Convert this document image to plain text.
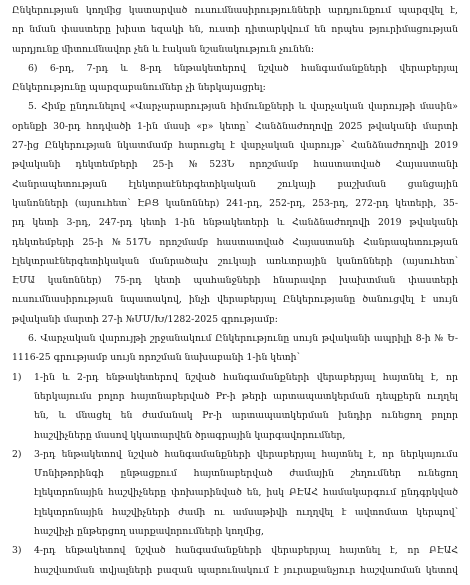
Ընկերության կողմից կատարված ուսումնասիրությունների արդյունքում պարզվել է,
որ նման փաստերը խիստ եզակի են, ուստի դիտարկվում են որպես թյուրիմացության
արդյունք միտումնավոր չեն և էական նշանակություն չունեն:
6) 6-րդ, 7-րդ և 8-րդ ենթակետերով նշված հանգամանքների վերաբերյալ
Ընկերությունը պարզաբանումներ չի ներկայացրել:
5. Հիմք ընդունելով «Վարչարարության հիմունքների և վարչական վարույթի մասին»
օրենքի 30-րդ հոդվածի 1-ին մասի «բ» կետը՝ Հանձնաժողովը 2025 թվականի մարտի
27-ից Ընկերության նկատմամբ հարուցել է վարչական վարույթ՝ Հանձնաժողովի 2019
թվականի դեկտեմբերի 25-ի №523Ն որոշմամբ հաստատված Հայաստանի
Հանրապետության էլեկտրաէներգետիկական շուկայի բաշխման ցանցային
կանոնների (այսուհետ՝ ԷԲՑ կանոններ) 241-րդ, 252-րդ, 253-րդ, 272-րդ կետերի, 35-
րդ կետի 3-րդ, 247-րդ կետի 1-ին ենթակետերի և Հանձնաժողովի 2019 թվականի
դեկտեմբերի 25-ի №517Ն որոշմամբ հաստատված Հայաստանի Հանրապետության
էլեկտրաէներգետիկական մանրածախ շուկայի առևտրային կանոնների (այսուհետ՝
ԷՄԱ կանոններ) 75-րդ կետի պահանջների հնարավոր խախտման փաստերի
ուսումնասիրության նպատակով, ինչի վերաբերյալ Ընկերությանը ծանուցվել է սույն
թվականի մարտի 27-ի №ՄՄ/Խ/1282-2025 գրությամբ:
6. Վարչական վարույթի շրջանակում Ընկերությունը սույն թվականի ապրիլի 8-ի № Ե-
1116-25 գրությամբ սույն որոշման նախաբանի 1-ին կետի՝
1)	1-ին և 2-րդ ենթակետերով նշված հանգամանքների վերաբերյալ հայտնել է, որ
ներկայումս բոլոր հայտնաբերված Pr-ի թերի արտապատկերման դեպքերն ուղղել
են, և մնացել են ժամանակ Pr-ի արտապատկերման խնդիր ունեցող բոլոր
հաշվիչները մասով կկատարվեն ծրագրային կարգավորումներ,
2)	3-րդ ենթակետով նշված հանգամանքների վերաբերյալ հայտնել է, որ ներկայումս
Մոնիթորինգի ընթացքում հայտնաբերված ժամային շեղումներ ունեցող
էլեկտրոնային հաշվիչները փոխարինված են, իսկ ԲԷԱՀ համակարգում ընդգրկված
էլեկտրոնային հաշվիչների ժամի ու ամսաթիվի ուղղվել է ավտոմատ կերպով՝
հաշվիչի ընթերցող սարքավորումների կողմից,
3)	4-րդ ենթակետով նշված հանգամանքների վերաբերյալ հայտնել է, որ ԲԷԱՀ
հաշվառման տվյալների բազան պարունակում է յուրաքանչյուր հաշվառման կետով
